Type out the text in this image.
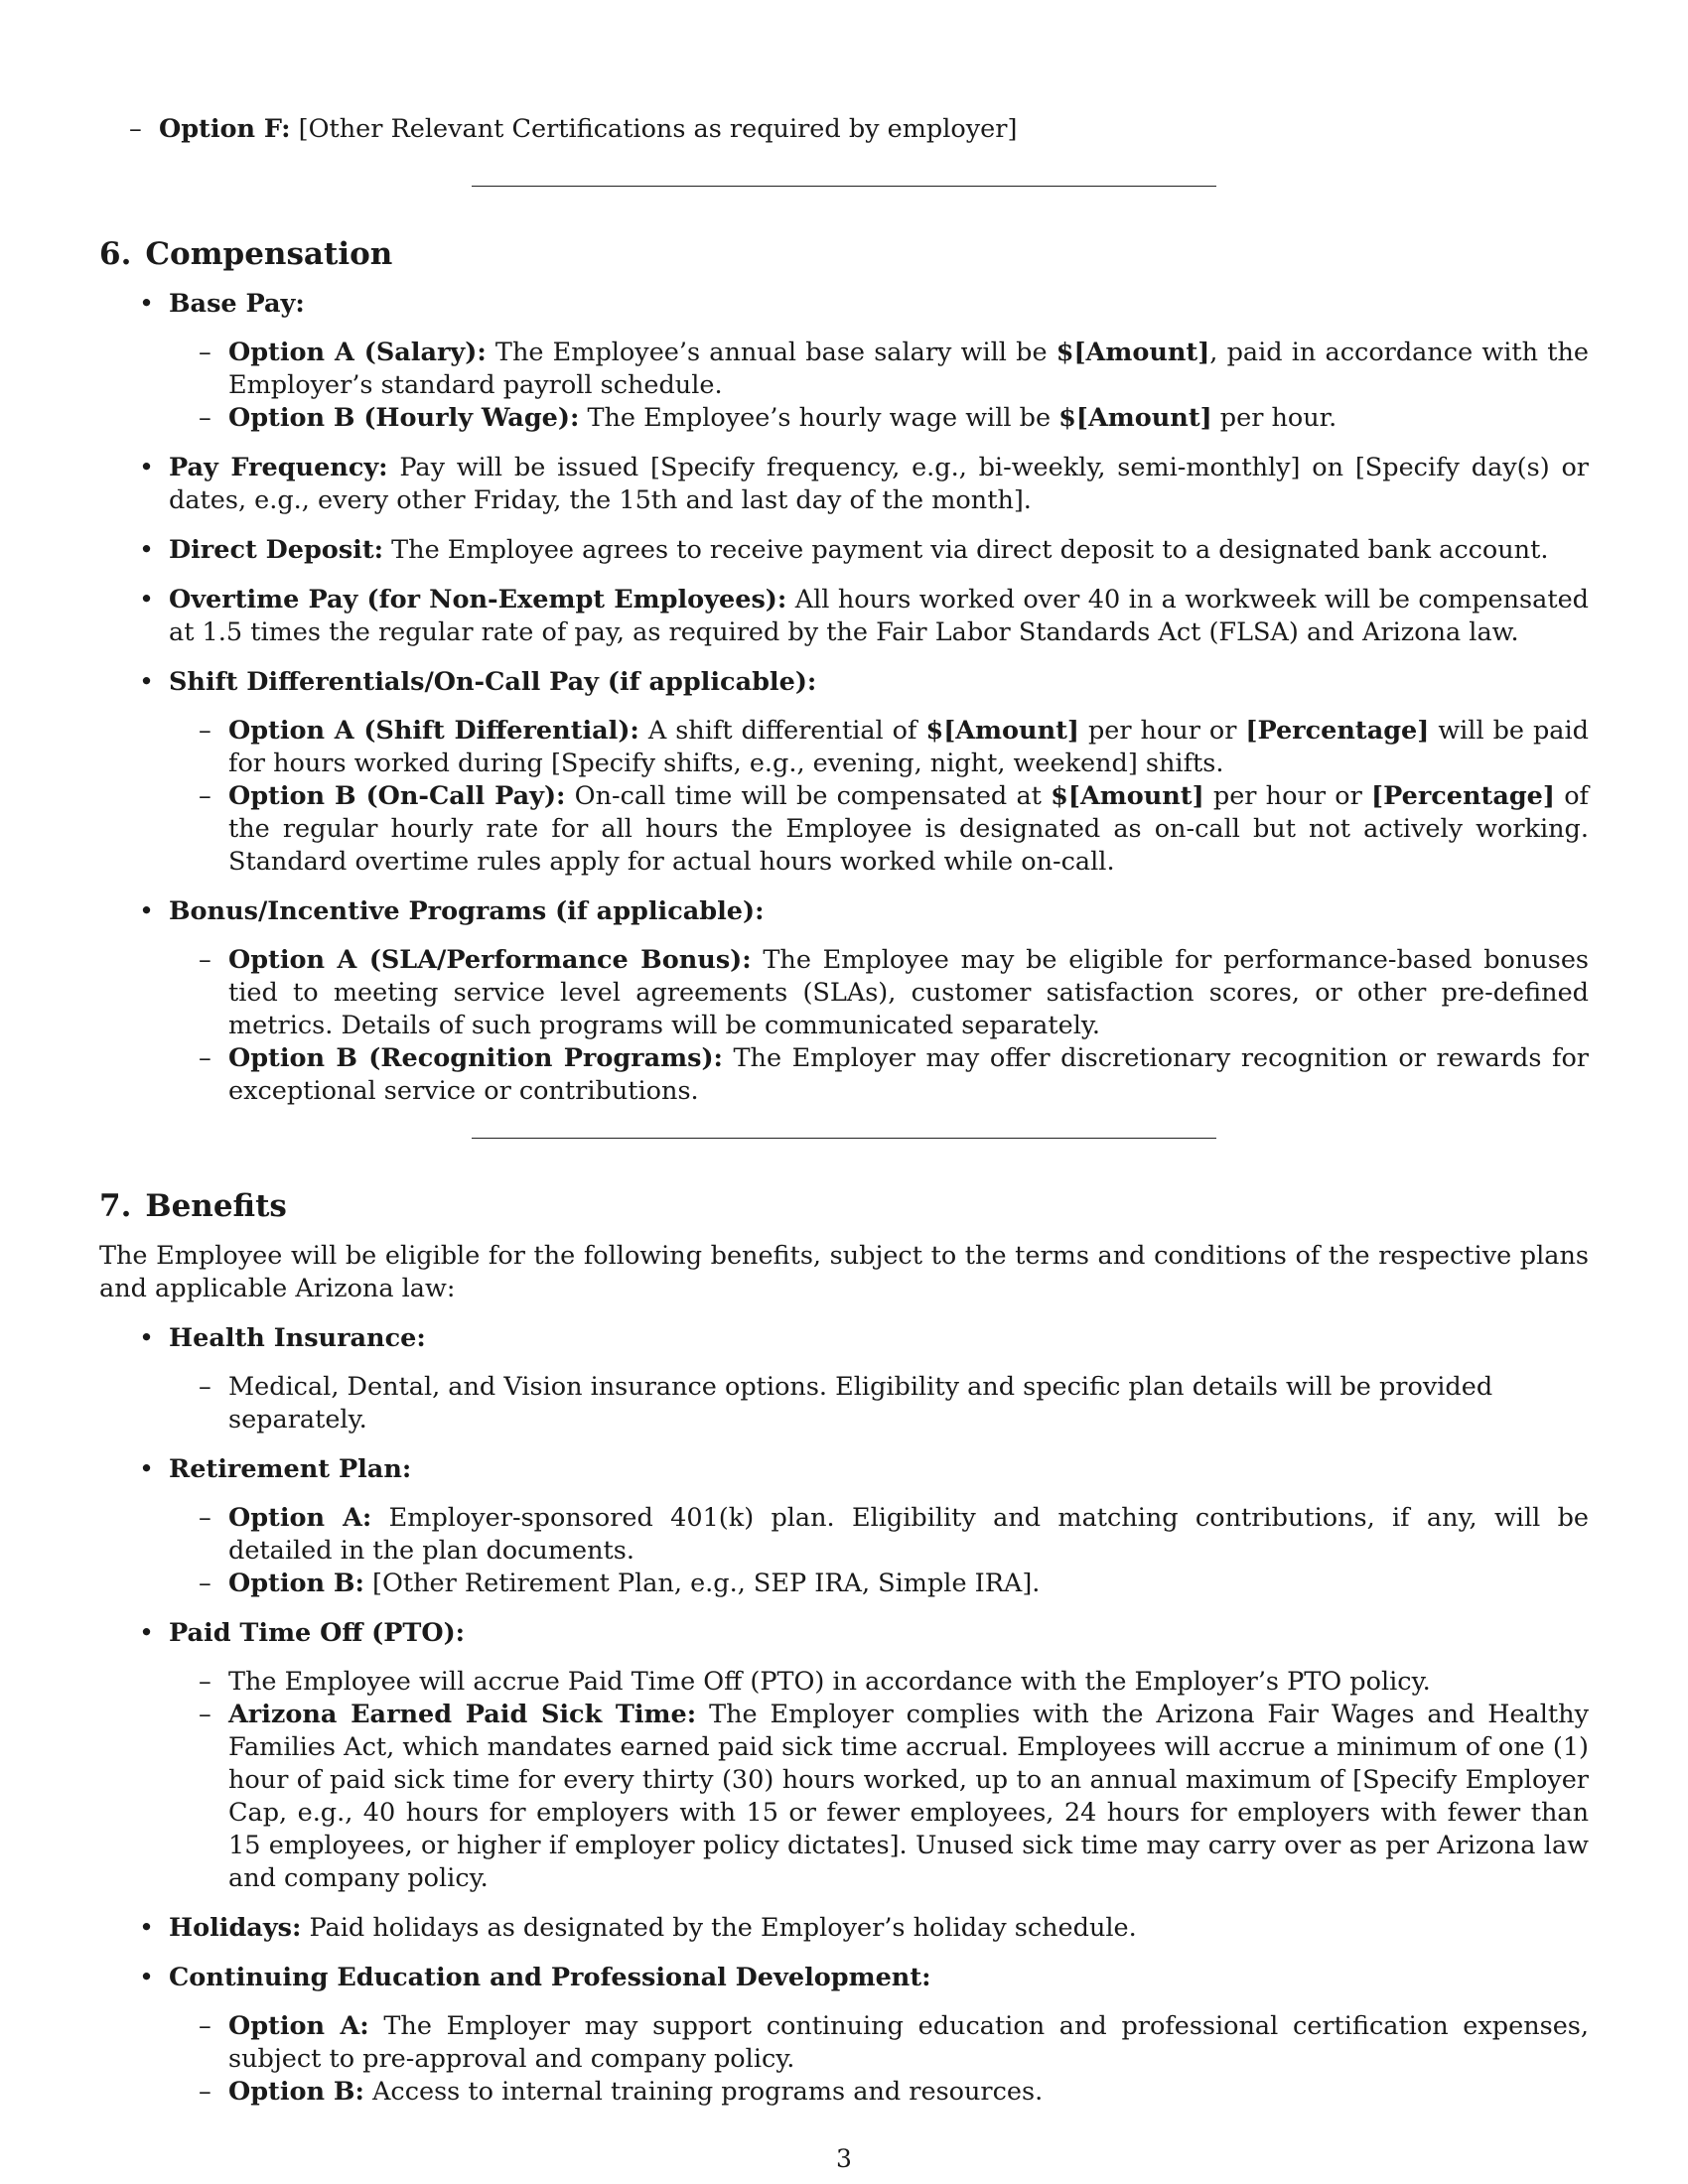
– Option F: [Other Relevant Certifications as required by employer]
6. Compensation
• Base Pay:
– Option A (Salary): The Employee’s annual base salary will be $[Amount], paid in accordance with the Employer’s standard payroll schedule.
– Option B (Hourly Wage): The Employee’s hourly wage will be $[Amount] per hour.
• Pay Frequency: Pay will be issued [Specify frequency, e.g., bi-weekly, semi-monthly] on [Specify day(s) or dates, e.g., every other Friday, the 15th and last day of the month].
• Direct Deposit: The Employee agrees to receive payment via direct deposit to a designated bank account.
• Overtime Pay (for Non-Exempt Employees): All hours worked over 40 in a workweek will be compensated at 1.5 times the regular rate of pay, as required by the Fair Labor Standards Act (FLSA) and Arizona law.
• Shift Differentials/On-Call Pay (if applicable):
– Option A (Shift Differential): A shift differential of $[Amount] per hour or [Percentage] will be paid for hours worked during [Specify shifts, e.g., evening, night, weekend] shifts.
– Option B (On-Call Pay): On-call time will be compensated at $[Amount] per hour or [Percentage] of the regular hourly rate for all hours the Employee is designated as on-call but not actively working. Standard overtime rules apply for actual hours worked while on-call.
• Bonus/Incentive Programs (if applicable):
– Option A (SLA/Performance Bonus): The Employee may be eligible for performance-based bonuses tied to meeting service level agreements (SLAs), customer satisfaction scores, or other pre-defined metrics. Details of such programs will be communicated separately.
– Option B (Recognition Programs): The Employer may offer discretionary recognition or rewards for exceptional service or contributions.
7. Benefits

The Employee will be eligible for the following benefits, subject to the terms and conditions of the respective plans and applicable Arizona law:

• Health Insurance:
– Medical, Dental, and Vision insurance options. Eligibility and specific plan details will be provided separately.
• Retirement Plan:
– Option A: Employer-sponsored 401(k) plan. Eligibility and matching contributions, if any, will be detailed in the plan documents.
– Option B: [Other Retirement Plan, e.g., SEP IRA, Simple IRA].
• Paid Time Off (PTO):
– The Employee will accrue Paid Time Off (PTO) in accordance with the Employer’s PTO policy.
– Arizona Earned Paid Sick Time: The Employer complies with the Arizona Fair Wages and Healthy Families Act, which mandates earned paid sick time accrual. Employees will accrue a minimum of one (1) hour of paid sick time for every thirty (30) hours worked, up to an annual maximum of [Specify Employer Cap, e.g., 40 hours for employers with 15 or fewer employees, 24 hours for employers with fewer than 15 employees, or higher if employer policy dictates]. Unused sick time may carry over as per Arizona law and company policy.
• Holidays: Paid holidays as designated by the Employer’s holiday schedule.
• Continuing Education and Professional Development:
– Option A: The Employer may support continuing education and professional certification expenses, subject to pre-approval and company policy.
– Option B: Access to internal training programs and resources.
3
